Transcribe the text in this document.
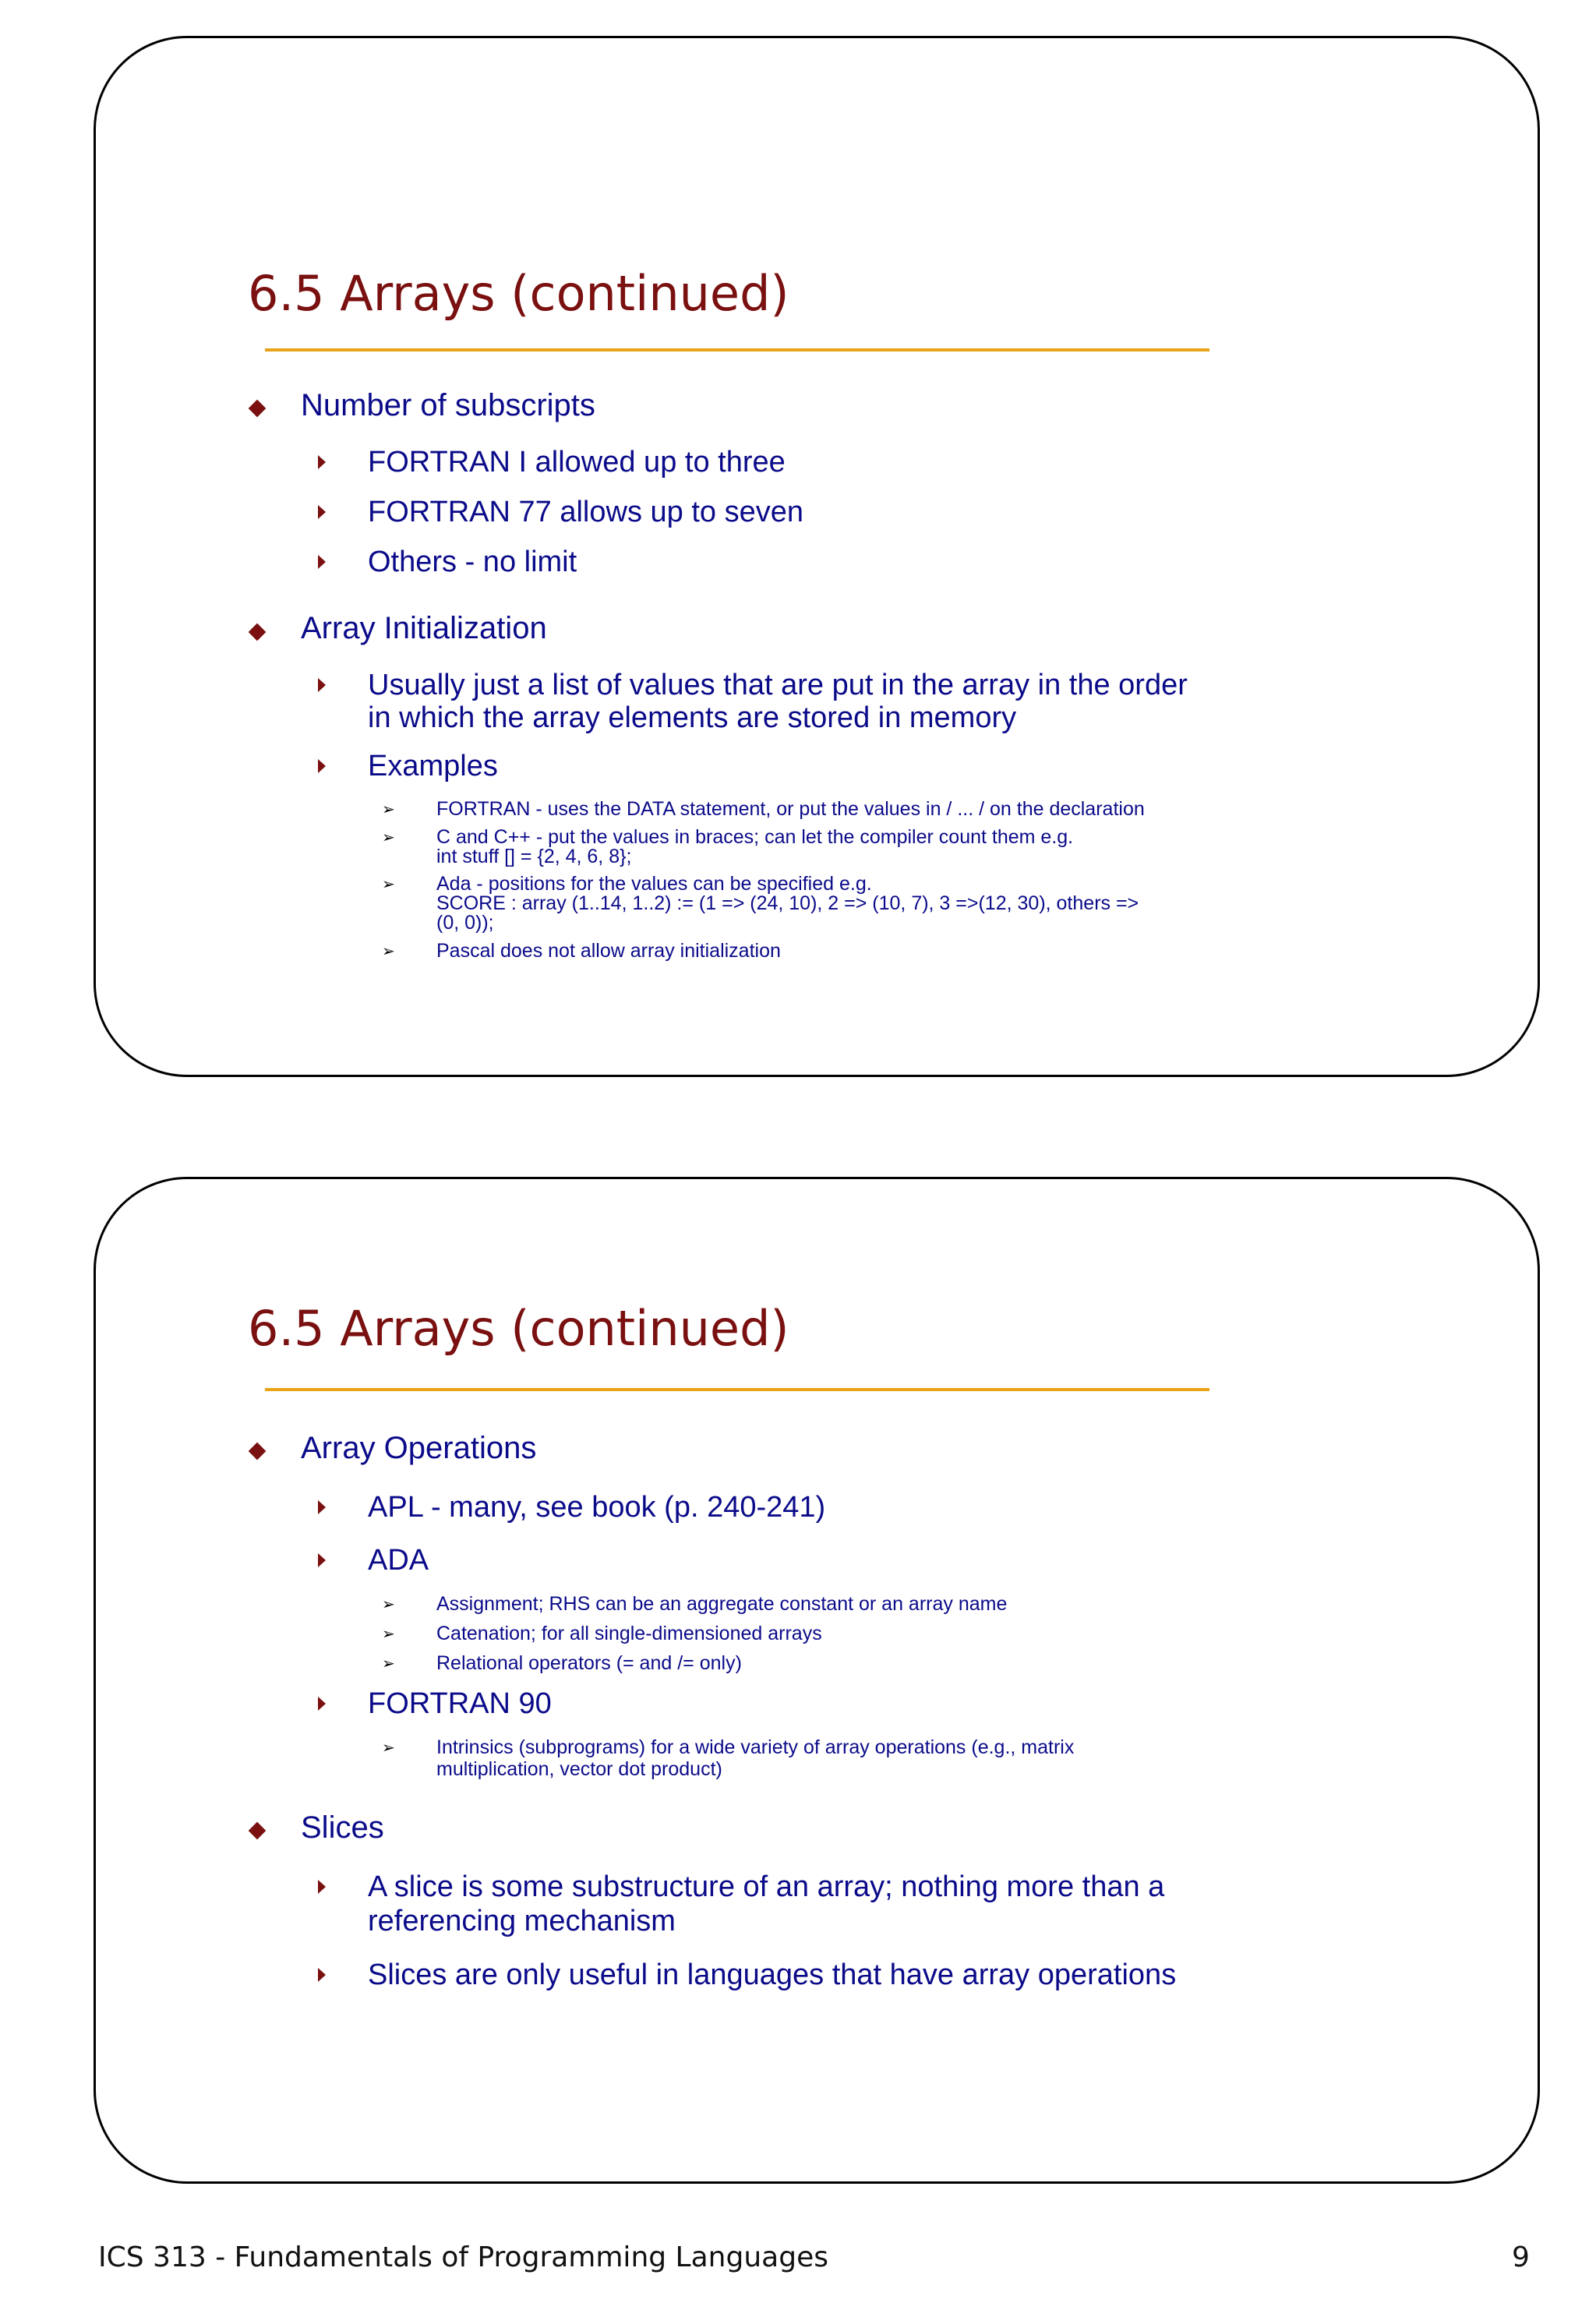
6.5 Arrays (continued)
Number of subscripts
FORTRAN I allowed up to three
FORTRAN 77 allows up to seven
Others - no limit
Array Initialization
Usually just a list of values that are put in the array in the order
in which the array elements are stored in memory
Examples
➢ FORTRAN - uses the DATA statement, or put the values in / ... / on the declaration
➢ C and C++ - put the values in braces; can let the compiler count them e.g.
int stuff [] = {2, 4, 6, 8};
➢ Ada - positions for the values can be specified e.g.
SCORE : array (1..14, 1..2) := (1 => (24, 10), 2 => (10, 7), 3 =>(12, 30), others =>
(0, 0));
➢ Pascal does not allow array initialization
6.5 Arrays (continued)
Array Operations
APL - many, see book (p. 240-241)
ADA
➢ Assignment; RHS can be an aggregate constant or an array name
➢ Catenation; for all single-dimensioned arrays
➢ Relational operators (= and /= only)
FORTRAN 90
➢ Intrinsics (subprograms) for a wide variety of array operations (e.g., matrix
multiplication, vector dot product)
Slices
A slice is some substructure of an array; nothing more than a
referencing mechanism
Slices are only useful in languages that have array operations
ICS 313 - Fundamentals of Programming Languages	9
